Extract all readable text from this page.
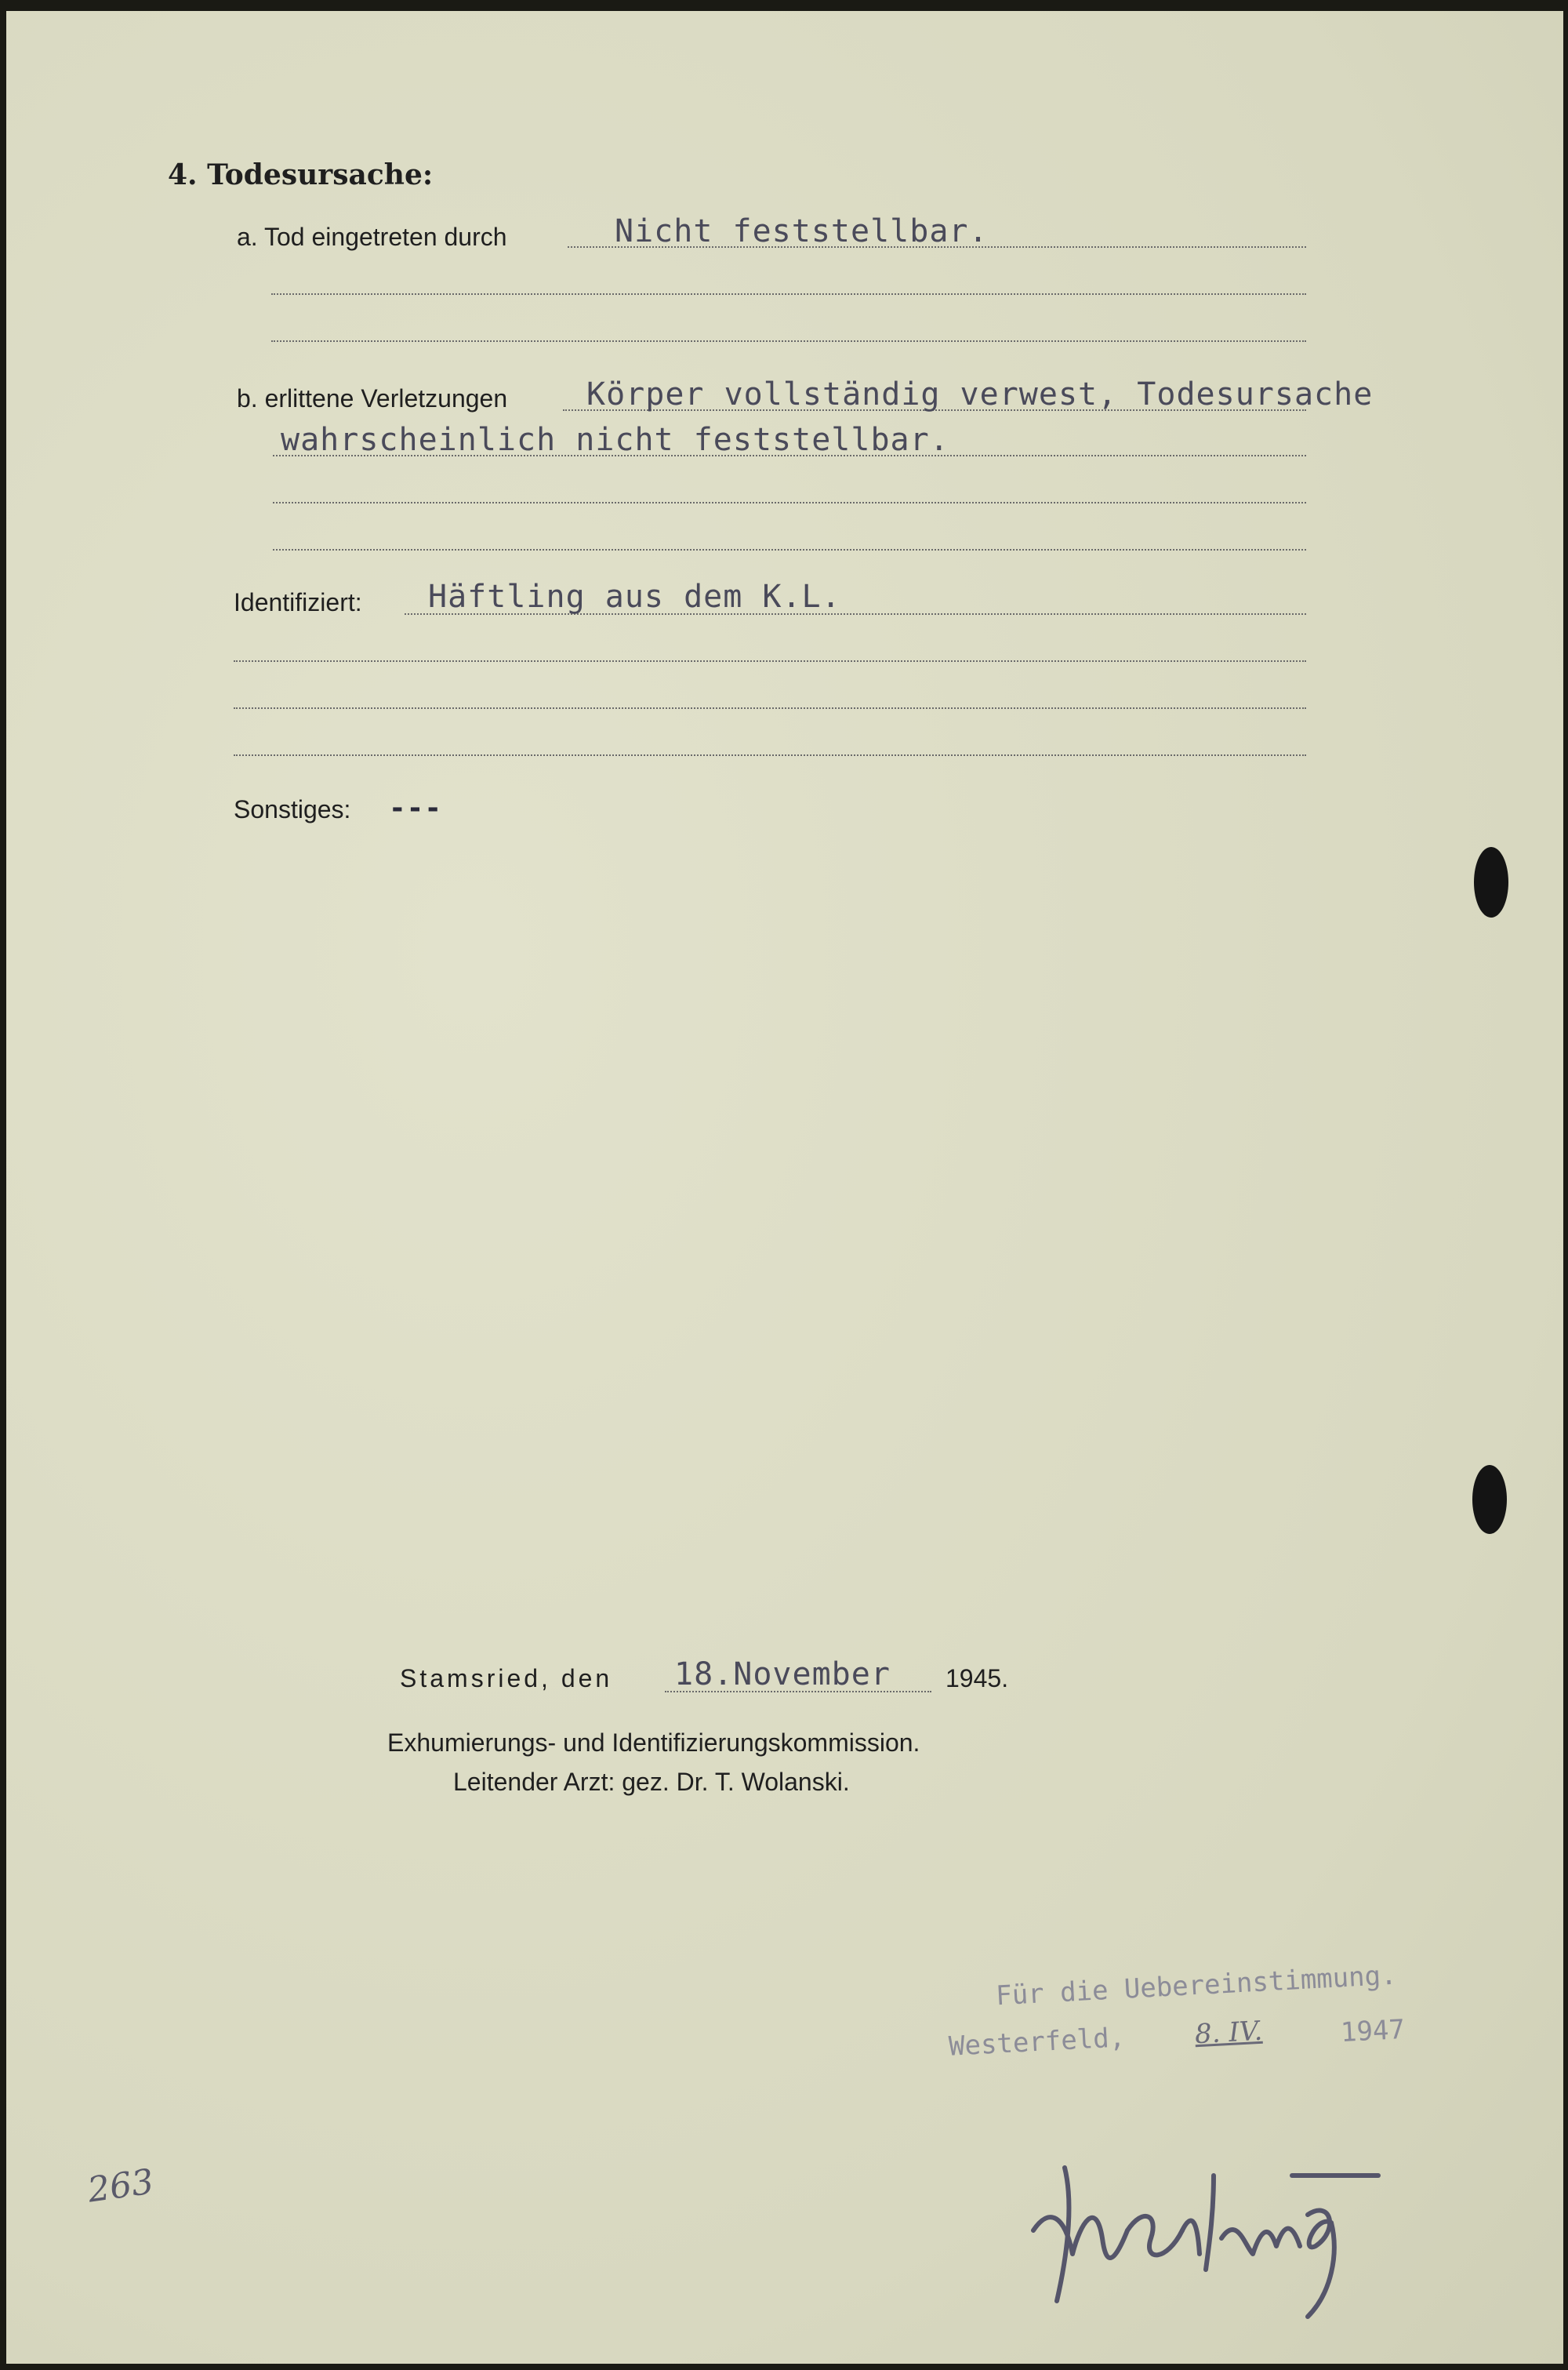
4. Todesursache:
a. Tod eingetreten durch	Nicht feststellbar.
b. erlittene Verletzungen	Körper vollständig verwest, Todesursache
wahrscheinlich nicht feststellbar.
Identifiziert: Häftling aus dem K.L.
Sonstiges: ---
Stamsried, den 18.November 1945.
Exhumierungs- und Identifizierungskommission.
Leitender Arzt: gez. Dr. T. Wolanski.
Für die Uebereinstimmung.
Westerfeld,	8. IV.	1947
263
